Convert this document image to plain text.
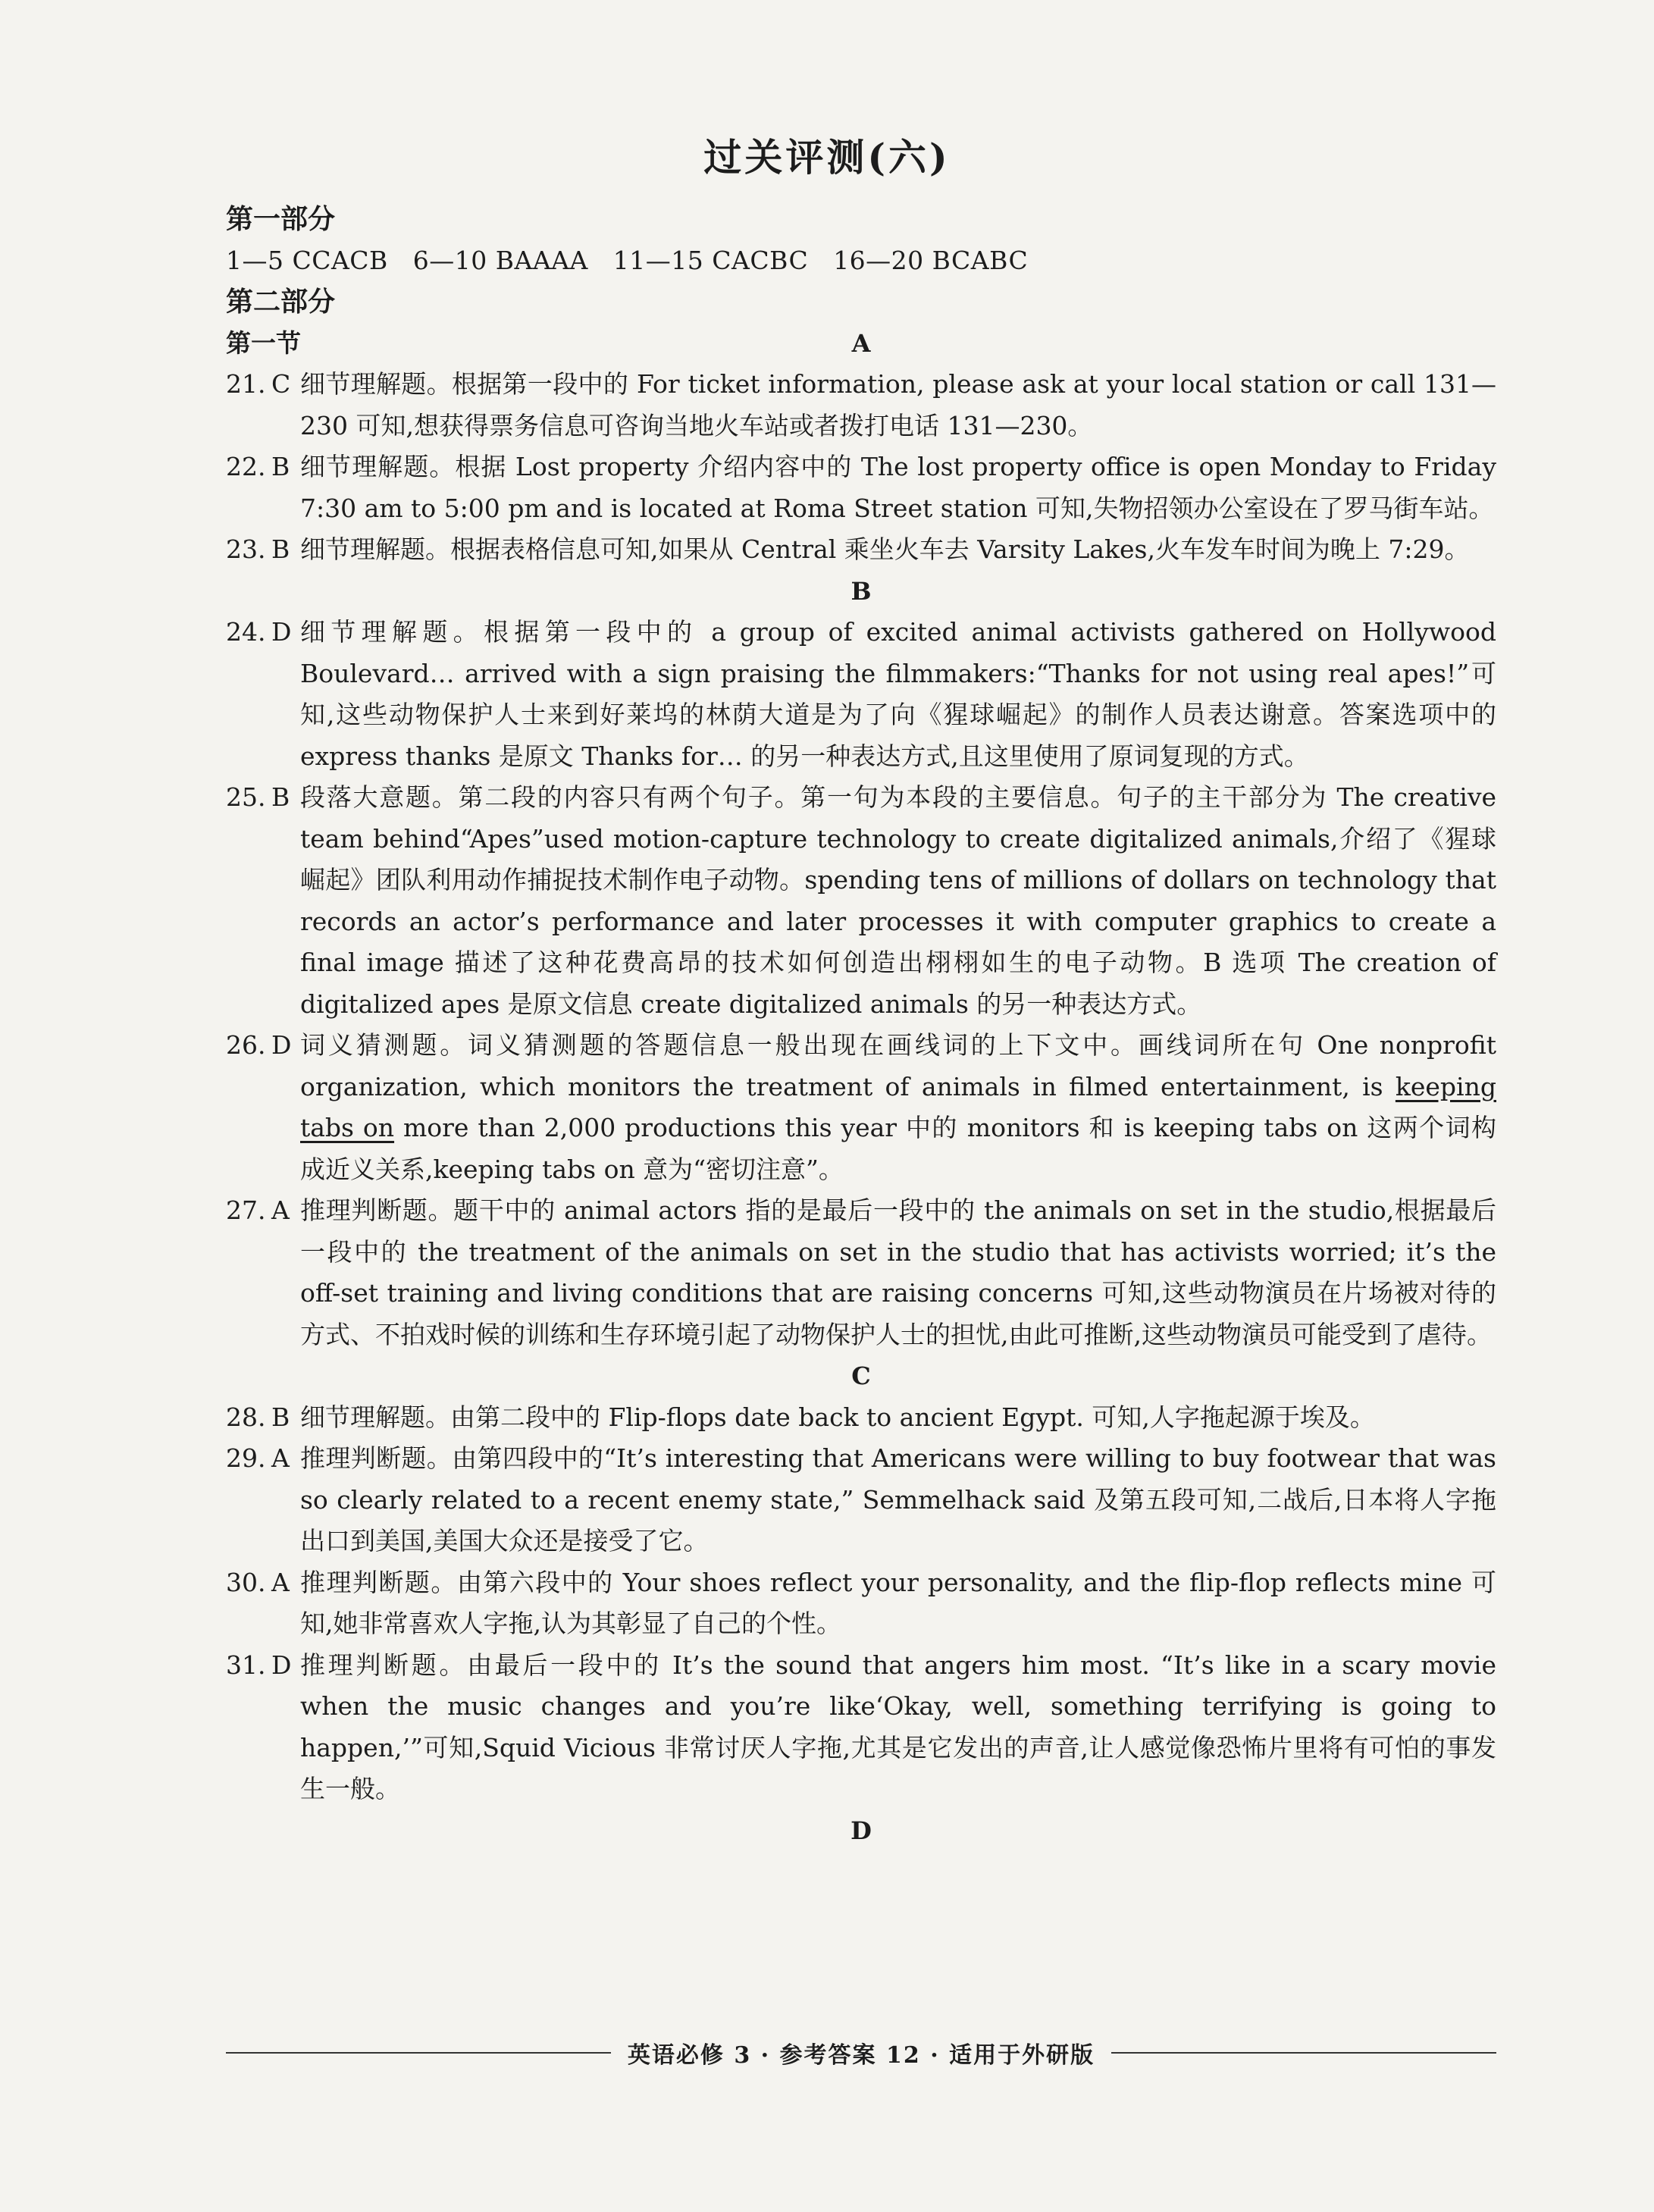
过关评测(六)
第一部分
1—5 CCACB   6—10 BAAAA   11—15 CACBC   16—20 BCABC
第二部分
第一节	A
21. C 细节理解题。根据第一段中的 For ticket information, please ask at your local station or call 131—230 可知,想获得票务信息可咨询当地火车站或者拨打电话 131—230。
22. B 细节理解题。根据 Lost property 介绍内容中的 The lost property office is open Monday to Friday 7:30 am to 5:00 pm and is located at Roma Street station 可知,失物招领办公室设在了罗马街车站。
23. B 细节理解题。根据表格信息可知,如果从 Central 乘坐火车去 Varsity Lakes,火车发车时间为晚上 7:29。
B
24. D 细节理解题。根据第一段中的 a group of excited animal activists gathered on Hollywood Boulevard… arrived with a sign praising the filmmakers:“Thanks for not using real apes!”可知,这些动物保护人士来到好莱坞的林荫大道是为了向《猩球崛起》的制作人员表达谢意。答案选项中的 express thanks 是原文 Thanks for… 的另一种表达方式,且这里使用了原词复现的方式。
25. B 段落大意题。第二段的内容只有两个句子。第一句为本段的主要信息。句子的主干部分为 The creative team behind“Apes”used motion-capture technology to create digitalized animals,介绍了《猩球崛起》团队利用动作捕捉技术制作电子动物。spending tens of millions of dollars on technology that records an actor’s performance and later processes it with computer graphics to create a final image 描述了这种花费高昂的技术如何创造出栩栩如生的电子动物。B 选项 The creation of digitalized apes 是原文信息 create digitalized animals 的另一种表达方式。
26. D 词义猜测题。词义猜测题的答题信息一般出现在画线词的上下文中。画线词所在句 One nonprofit organization, which monitors the treatment of animals in filmed entertainment, is keeping tabs on more than 2,000 productions this year 中的 monitors 和 is keeping tabs on 这两个词构成近义关系,keeping tabs on 意为“密切注意”。
27. A 推理判断题。题干中的 animal actors 指的是最后一段中的 the animals on set in the studio,根据最后一段中的 the treatment of the animals on set in the studio that has activists worried; it’s the off-set training and living conditions that are raising concerns 可知,这些动物演员在片场被对待的方式、不拍戏时候的训练和生存环境引起了动物保护人士的担忧,由此可推断,这些动物演员可能受到了虐待。
C
28. B 细节理解题。由第二段中的 Flip-flops date back to ancient Egypt. 可知,人字拖起源于埃及。
29. A 推理判断题。由第四段中的“It’s interesting that Americans were willing to buy footwear that was so clearly related to a recent enemy state,” Semmelhack said 及第五段可知,二战后,日本将人字拖出口到美国,美国大众还是接受了它。
30. A 推理判断题。由第六段中的 Your shoes reflect your personality, and the flip-flop reflects mine 可知,她非常喜欢人字拖,认为其彰显了自己的个性。
31. D 推理判断题。由最后一段中的 It’s the sound that angers him most. “It’s like in a scary movie when the music changes and you’re like‘Okay, well, something terrifying is going to happen,’”可知,Squid Vicious 非常讨厌人字拖,尤其是它发出的声音,让人感觉像恐怖片里将有可怕的事发生一般。
D
英语必修 3 · 参考答案 12 · 适用于外研版
